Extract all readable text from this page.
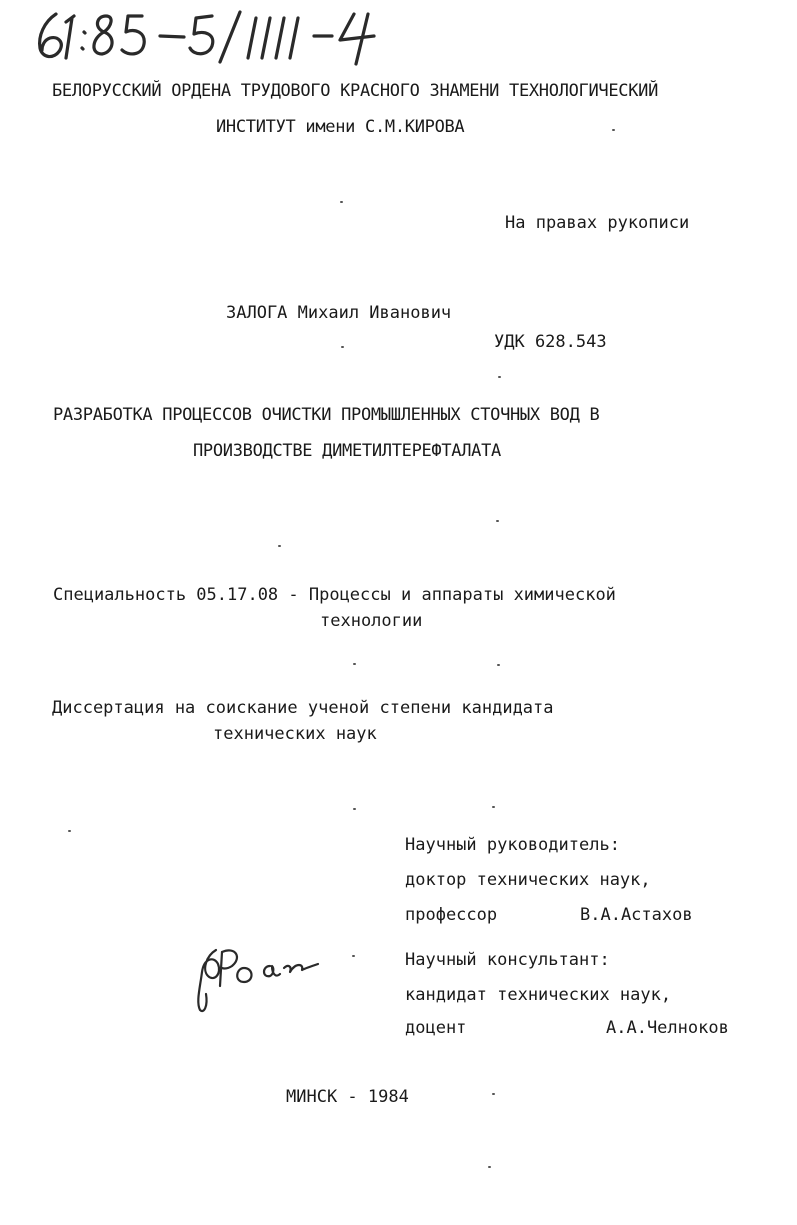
БЕЛОРУССКИЙ ОРДЕНА ТРУДОВОГО КРАСНОГО ЗНАМЕНИ ТЕХНОЛОГИЧЕСКИЙ
ИНСТИТУТ имени С.М.КИРОВА
На правах рукописи
ЗАЛОГА Михаил Иванович
УДК 628.543
РАЗРАБОТКА ПРОЦЕССОВ ОЧИСТКИ ПРОМЫШЛЕННЫХ СТОЧНЫХ ВОД В
ПРОИЗВОДСТВЕ ДИМЕТИЛТЕРЕФТАЛАТА
Специальность 05.17.08 - Процессы и аппараты химической
технологии
Диссертация на соискание ученой степени кандидата
технических наук
Научный руководитель:
доктор технических наук,
профессор	В.А.Астахов
Научный консультант:
кандидат технических наук,
доцент	А.А.Челноков
МИНСК - 1984
